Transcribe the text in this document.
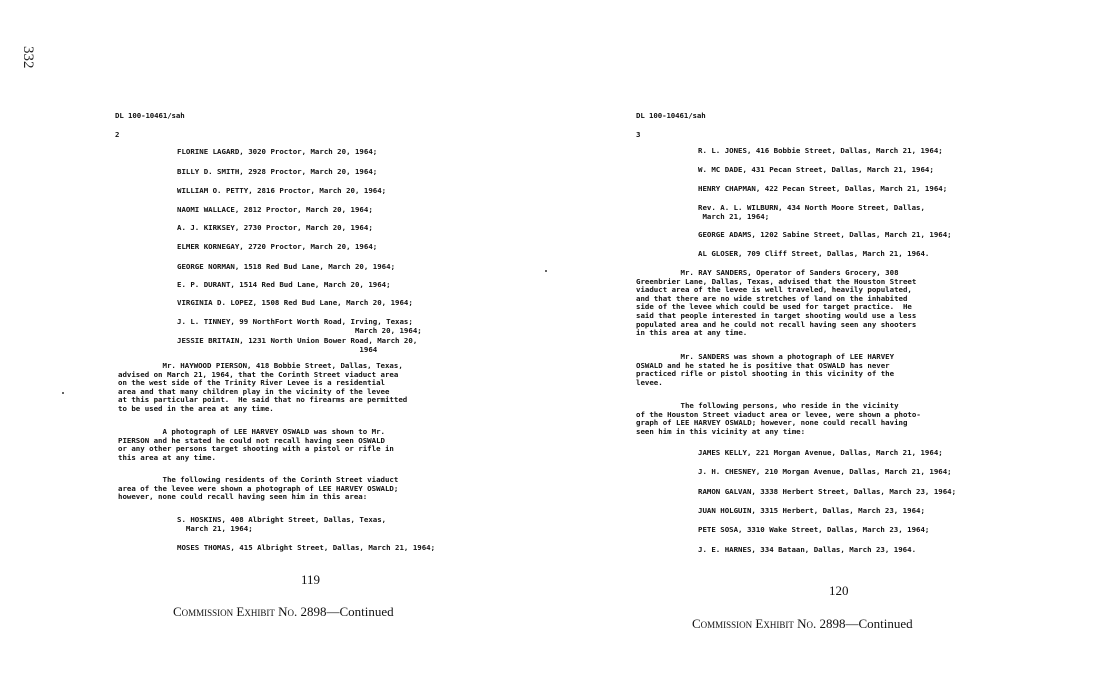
332
DL 100-10461/sah
2
FLORINE LAGARD, 3020 Proctor, March 20, 1964;
BILLY D. SMITH, 2928 Proctor, March 20, 1964;
WILLIAM O. PETTY, 2816 Proctor, March 20, 1964;
NAOMI WALLACE, 2812 Proctor, March 20, 1964;
A. J. KIRKSEY, 2730 Proctor, March 20, 1964;
ELMER KORNEGAY, 2720 Proctor, March 20, 1964;
GEORGE NORMAN, 1518 Red Bud Lane, March 20, 1964;
E. P. DURANT, 1514 Red Bud Lane, March 20, 1964;
VIRGINIA D. LOPEZ, 1508 Red Bud Lane, March 20, 1964;
J. L. TINNEY, 99 NorthFort Worth Road, Irving, Texas;
March 20, 1964;
JESSIE BRITAIN, 1231 North Union Bower Road, March 20,
1964
Mr. HAYWOOD PIERSON, 418 Bobbie Street, Dallas, Texas,
advised on March 21, 1964, that the Corinth Street viaduct area
on the west side of the Trinity River Levee is a residential
area and that many children play in the vicinity of the levee
at this particular point.  He said that no firearms are permitted
to be used in the area at any time.
A photograph of LEE HARVEY OSWALD was shown to Mr.
PIERSON and he stated he could not recall having seen OSWALD
or any other persons target shooting with a pistol or rifle in
this area at any time.
The following residents of the Corinth Street viaduct
area of the levee were shown a photograph of LEE HARVEY OSWALD;
however, none could recall having seen him in this area:
S. HOSKINS, 408 Albright Street, Dallas, Texas,
March 21, 1964;
MOSES THOMAS, 415 Albright Street, Dallas, March 21, 1964;
119
Commission Exhibit No. 2898—Continued
DL 100-10461/sah
3
R. L. JONES, 416 Bobbie Street, Dallas, March 21, 1964;
W. MC DADE, 431 Pecan Street, Dallas, March 21, 1964;
HENRY CHAPMAN, 422 Pecan Street, Dallas, March 21, 1964;
Rev. A. L. WILBURN, 434 North Moore Street, Dallas,
March 21, 1964;
GEORGE ADAMS, 1202 Sabine Street, Dallas, March 21, 1964;
AL GLOSER, 709 Cliff Street, Dallas, March 21, 1964.
Mr. RAY SANDERS, Operator of Sanders Grocery, 308
Greenbrier Lane, Dallas, Texas, advised that the Houston Street
viaduct area of the levee is well traveled, heavily populated,
and that there are no wide stretches of land on the inhabited
side of the levee which could be used for target practice.  He
said that people interested in target shooting would use a less
populated area and he could not recall having seen any shooters
in this area at any time.
Mr. SANDERS was shown a photograph of LEE HARVEY
OSWALD and he stated he is positive that OSWALD has never
practiced rifle or pistol shooting in this vicinity of the
levee.
The following persons, who reside in the vicinity
of the Houston Street viaduct area or levee, were shown a photo-
graph of LEE HARVEY OSWALD; however, none could recall having
seen him in this vicinity at any time:
JAMES KELLY, 221 Morgan Avenue, Dallas, March 21, 1964;
J. H. CHESNEY, 210 Morgan Avenue, Dallas, March 21, 1964;
RAMON GALVAN, 3338 Herbert Street, Dallas, March 23, 1964;
JUAN HOLGUIN, 3315 Herbert, Dallas, March 23, 1964;
PETE SOSA, 3310 Wake Street, Dallas, March 23, 1964;
J. E. HARNES, 334 Bataan, Dallas, March 23, 1964.
120
Commission Exhibit No. 2898—Continued
